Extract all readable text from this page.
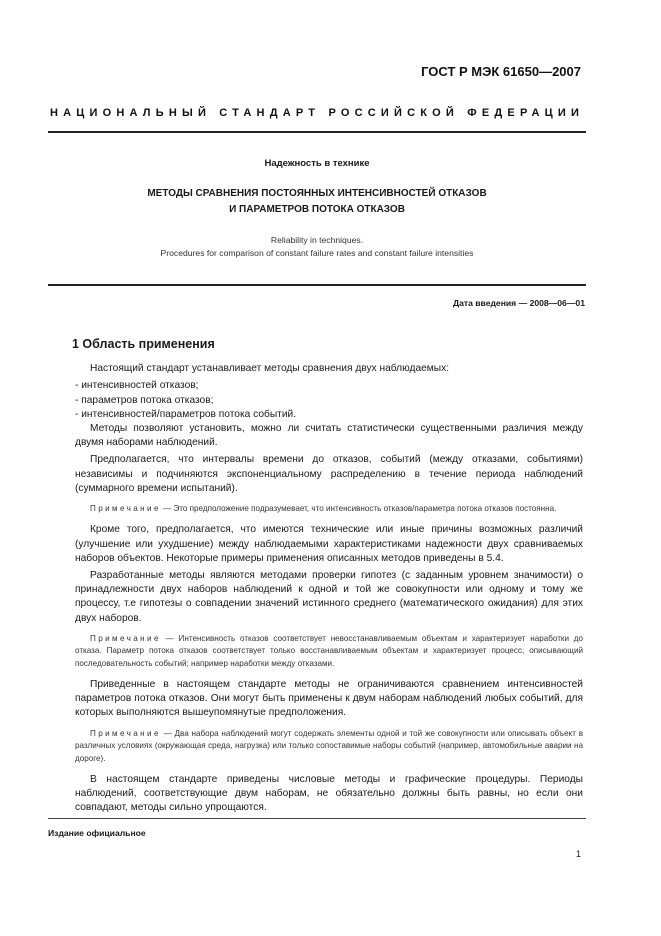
ГОСТ Р МЭК 61650—2007
НАЦИОНАЛЬНЫЙ СТАНДАРТ РОССИЙСКОЙ ФЕДЕРАЦИИ
Надежность в технике
МЕТОДЫ СРАВНЕНИЯ ПОСТОЯННЫХ ИНТЕНСИВНОСТЕЙ ОТКАЗОВ
И ПАРАМЕТРОВ ПОТОКА ОТКАЗОВ
Reliability in techniques.
Procedures for comparison of constant failure rates and constant failure intensities
Дата введения — 2008—06—01
1 Область применения

Настоящий стандарт устанавливает методы сравнения двух наблюдаемых:

- интенсивностей отказов;

- параметров потока отказов;

- интенсивностей/параметров потока событий.

Методы позволяют установить, можно ли считать статистически существенными различия между двумя наборами наблюдений.

Предполагается, что интервалы времени до отказов, событий (между отказами, событиями) независимы и подчиняются экспоненциальному распределению в течение периода наблюдений (суммарного времени испытаний).

Примечание — Это предположение подразумевает, что интенсивность отказов/параметра потока отказов постоянна.

Кроме того, предполагается, что имеются технические или иные причины возможных различий (улучшение или ухудшение) между наблюдаемыми характеристиками надежности двух сравниваемых наборов объектов. Некоторые примеры применения описанных методов приведены в 5.4.

Разработанные методы являются методами проверки гипотез (с заданным уровнем значимости) о принадлежности двух наборов наблюдений к одной и той же совокупности или одному и тому же процессу, т.е гипотезы о совпадении значений истинного среднего (математического ожидания) для этих двух наборов.

Примечание — Интенсивность отказов соответствует невосстанавливаемым объектам и характеризует наработки до отказа. Параметр потока отказов соответствует только восстанавливаемым объектам и характеризует процесс, описывающий последовательность событий; например наработки между отказами.

Приведенные в настоящем стандарте методы не ограничиваются сравнением интенсивностей параметров потока отказов. Они могут быть применены к двум наборам наблюдений любых событий, для которых выполняются вышеупомянутые предположения.

Примечание — Два набора наблюдений могут содержать элементы одной и той же совокупности или описывать объект в различных условиях (окружающая среда, нагрузка) или только сопоставимые наборы событий (например, автомобильные аварии на дороге).

В настоящем стандарте приведены числовые методы и графические процедуры. Периоды наблюдений, соответствующие двум наборам, не обязательно должны быть равны, но если они совпадают, методы сильно упрощаются.

Издание официальное
1
